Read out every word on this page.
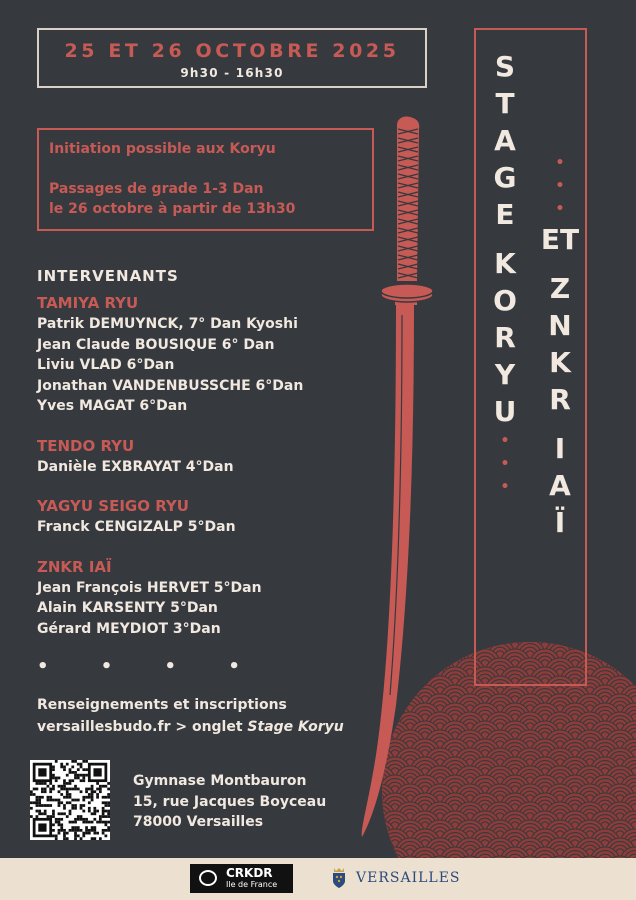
25 ET 26 OCTOBRE 2025
9h30 - 16h30
Initiation possible aux Koryu
Passages de grade 1-3 Dan
le 26 octobre à partir de 13h30
INTERVENANTS
TAMIYA RYU
Patrik DEMUYNCK, 7° Dan Kyoshi
Jean Claude BOUSIQUE 6° Dan
Liviu VLAD 6°Dan
Jonathan VANDENBUSSCHE 6°Dan
Yves MAGAT 6°Dan
TENDO RYU
Danièle EXBRAYAT 4°Dan
YAGYU SEIGO RYU
Franck CENGIZALP 5°Dan
ZNKR IAÏ
Jean François HERVET 5°Dan
Alain KARSENTY 5°Dan
Gérard MEYDIOT 3°Dan
• • • •
Renseignements et inscriptions
versaillesbudo.fr > onglet Stage Koryu
Gymnase Montbauron
15, rue Jacques Boyceau
78000 Versailles
S
T
A
G
E
K
O
R
Y
U
•
•
•
•
•
•
ET
Z
N
K
R
I
A
Ï
CRKDR
Ile de France	VERSAILLES
